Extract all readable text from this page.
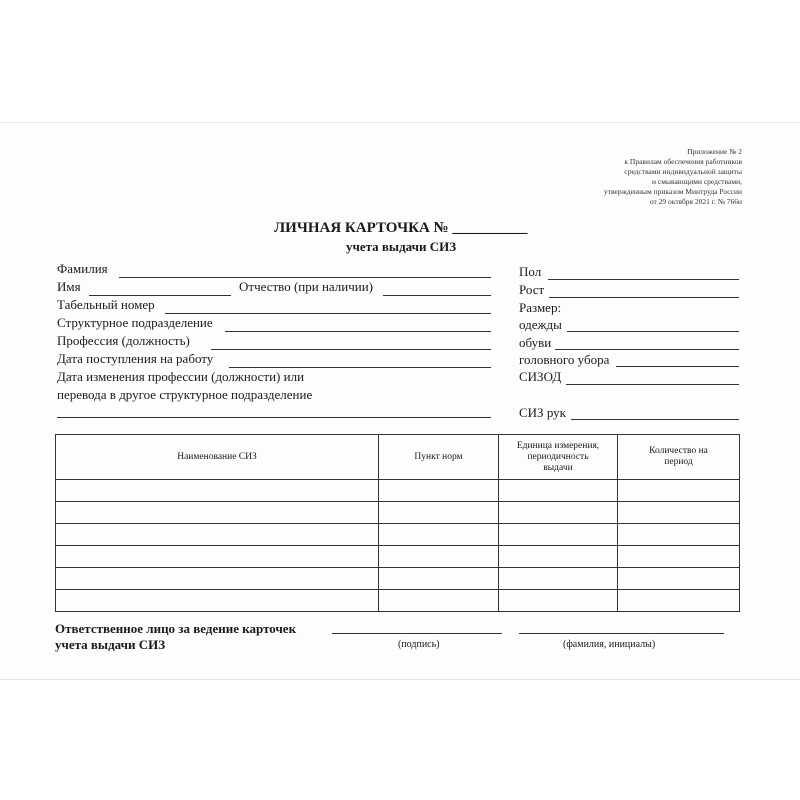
Приложение № 2
к Правилам обеспечения работников
средствами индивидуальной защиты
и смывающими средствами,
утвержденным приказом Минтруда России
от 29 октября 2021 г. № 766н
ЛИЧНАЯ КАРТОЧКА № __________
учета выдачи СИЗ
Фамилия
Имя	Отчество (при наличии)
Табельный номер
Структурное подразделение
Профессия (должность)
Дата поступления на работу
Дата изменения профессии (должности) или
перевода в другое структурное подразделение
Пол
Рост
Размер:
одежды
обуви
головного убора
СИЗОД
СИЗ рук
Наименование СИЗ	Пункт норм	Единица измерения, периодичность выдачи	Количество на период

Ответственное лицо за ведение карточек
учета выдачи СИЗ	(подпись)	(фамилия, инициалы)
